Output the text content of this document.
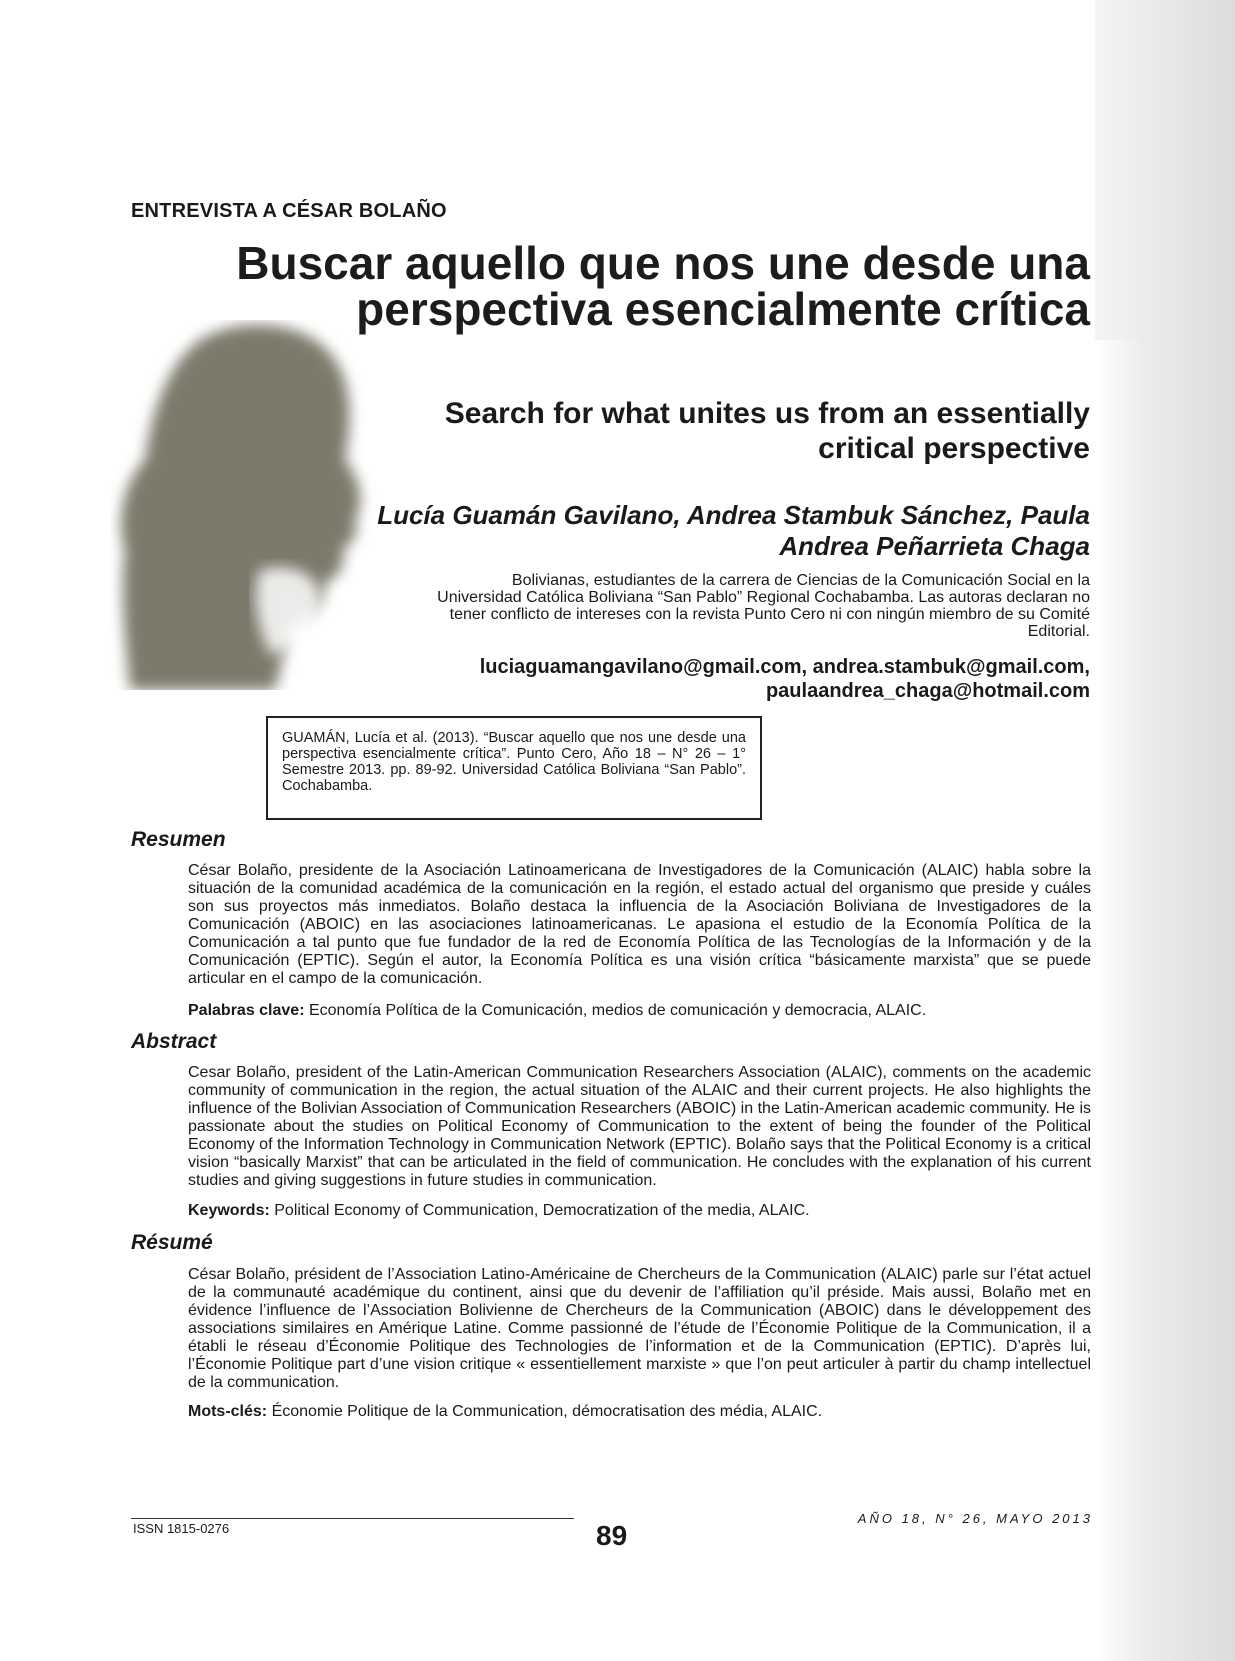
ENTREVISTA A CÉSAR BOLAÑO
Buscar aquello que nos une desde una perspectiva esencialmente crítica
Search for what unites us from an essentially critical perspective
Lucía Guamán Gavilano, Andrea Stambuk Sánchez, Paula Andrea Peñarrieta Chaga
Bolivianas, estudiantes de la carrera de Ciencias de la Comunicación Social en la Universidad Católica Boliviana “San Pablo” Regional Cochabamba. Las autoras declaran no tener conflicto de intereses con la revista Punto Cero ni con ningún miembro de su Comité Editorial.
luciaguamangavilano@gmail.com, andrea.stambuk@gmail.com, paulaandrea_chaga@hotmail.com
GUAMÁN, Lucía et al. (2013). “Buscar aquello que nos une desde una perspectiva esencialmente crítica”. Punto Cero, Año 18 – N° 26 – 1° Semestre 2013. pp. 89-92. Universidad Católica Boliviana “San Pablo”. Cochabamba.
Resumen
César Bolaño, presidente de la Asociación Latinoamericana de Investigadores de la Comunicación (ALAIC) habla sobre la situación de la comunidad académica de la comunicación en la región, el estado actual del organismo que preside y cuáles son sus proyectos más inmediatos. Bolaño destaca la influencia de la Asociación Boliviana de Investigadores de la Comunicación (ABOIC) en las asociaciones latinoamericanas. Le apasiona el estudio de la Economía Política de la Comunicación a tal punto que fue fundador de la red de Economía Política de las Tecnologías de la Información y de la Comunicación (EPTIC). Según el autor, la Economía Política es una visión crítica “básicamente marxista” que se puede articular en el campo de la comunicación.
Palabras clave: Economía Política de la Comunicación, medios de comunicación y democracia, ALAIC.
Abstract
Cesar Bolaño, president of the Latin-American Communication Researchers Association (ALAIC), comments on the academic community of communication in the region, the actual situation of the ALAIC and their current projects. He also highlights the influence of the Bolivian Association of Communication Researchers (ABOIC) in the Latin-American academic community. He is passionate about the studies on Political Economy of Communication to the extent of being the founder of the Political Economy of the Information Technology in Communication Network (EPTIC). Bolaño says that the Political Economy is a critical vision “basically Marxist” that can be articulated in the field of communication. He concludes with the explanation of his current studies and giving suggestions in future studies in communication.
Keywords: Political Economy of Communication, Democratization of the media, ALAIC.
Résumé
César Bolaño, président de l’Association Latino-Américaine de Chercheurs de la Communication (ALAIC) parle sur l’état actuel de la communauté académique du continent, ainsi que du devenir de l’affiliation qu’il préside. Mais aussi, Bolaño met en évidence l’influence de l’Association Bolivienne de Chercheurs de la Communication (ABOIC) dans le développement des associations similaires en Amérique Latine. Comme passionné de l’étude de l’Économie Politique de la Communication, il a établi le réseau d’Économie Politique des Technologies de l’information et de la Communication (EPTIC). D’après lui, l’Économie Politique part d’une vision critique « essentiellement marxiste » que l’on peut articuler à partir du champ intellectuel de la communication.
Mots-clés: Économie Politique de la Communication, démocratisation des média, ALAIC.
ISSN 1815-0276	89
AÑO 18, N° 26, MAYO 2013
